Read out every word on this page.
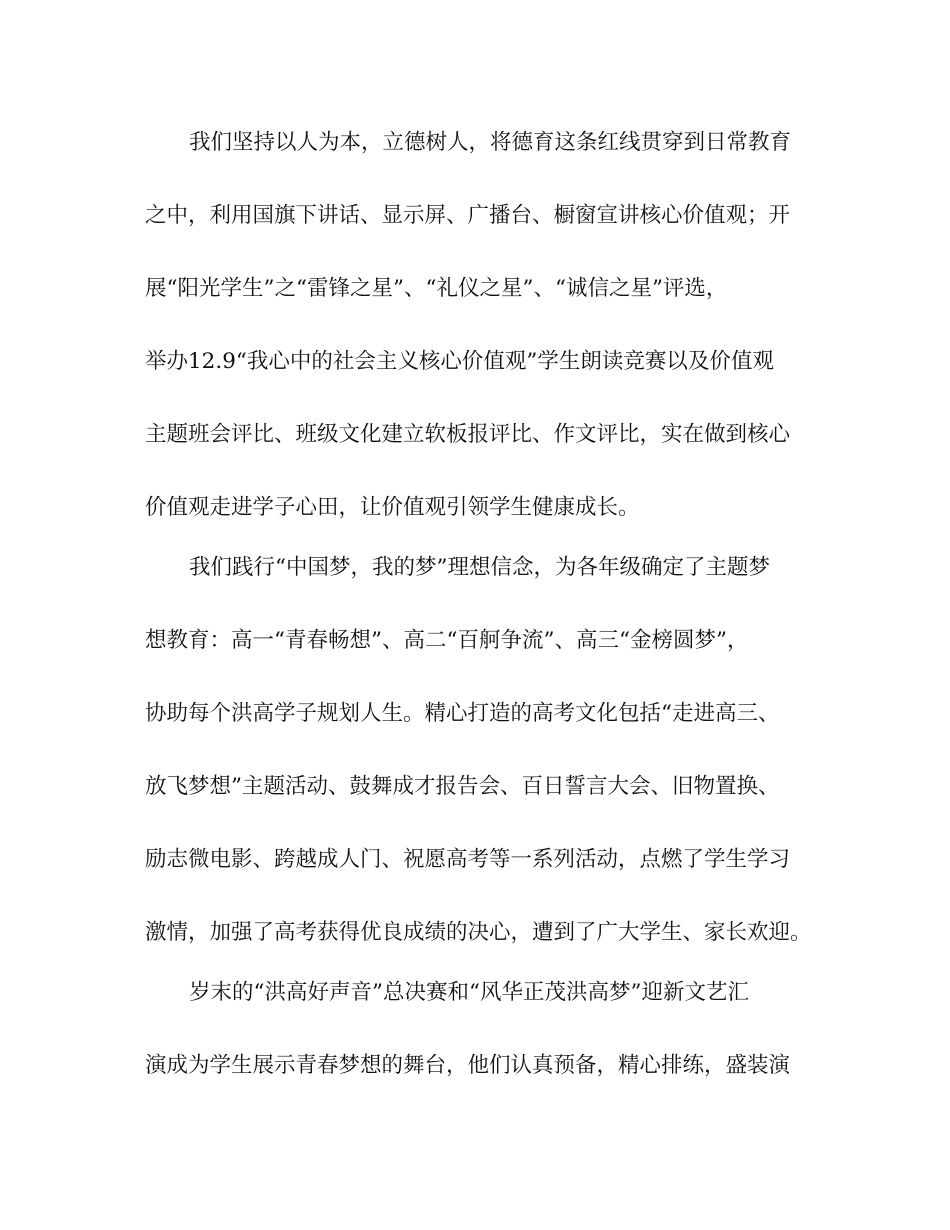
我们坚持以人为本，立德树人，将德育这条红线贯穿到日常教育
之中，利用国旗下讲话、显示屏、广播台、橱窗宣讲核心价值观；开
展“阳光学生”之“雷锋之星”、“礼仪之星”、“诚信之星”评选，
举办12.9“我心中的社会主义核心价值观”学生朗读竞赛以及价值观
主题班会评比、班级文化建立软板报评比、作文评比，实在做到核心
价值观走进学子心田，让价值观引领学生健康成长。
我们践行“中国梦，我的梦”理想信念，为各年级确定了主题梦
想教育：高一“青春畅想”、高二“百舸争流”、高三“金榜圆梦”，
协助每个洪高学子规划人生。精心打造的高考文化包括“走进高三、
放飞梦想”主题活动、鼓舞成才报告会、百日誓言大会、旧物置换、
励志微电影、跨越成人门、祝愿高考等一系列活动，点燃了学生学习
激情，加强了高考获得优良成绩的决心，遭到了广大学生、家长欢迎。
岁末的“洪高好声音”总决赛和“风华正茂洪高梦”迎新文艺汇
演成为学生展示青春梦想的舞台，他们认真预备，精心排练，盛装演
